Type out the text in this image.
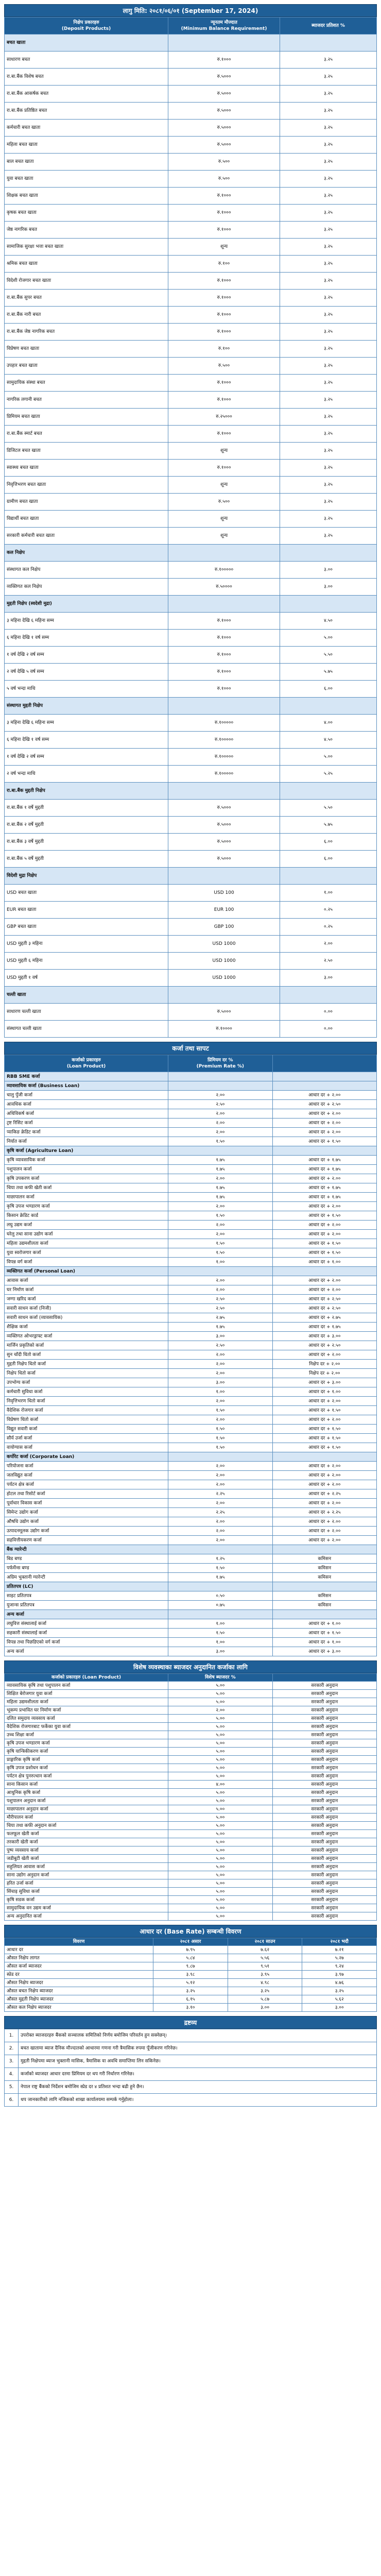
लागु मिति: २०८१/०६/०१ (September 17, 2024)
निक्षेप प्रकारहरु
(Deposit Products)	न्यूनतम मौज्दात
(Minimum Balance Requirement)	ब्याजदर प्रतिशत %
बचत खाता		
साधारण बचत	रु.१०००	३.२५
रा.बा.बैंक विशेष बचत	रु.५०००	३.२५
रा.बा.बैंक आकर्षक बचत	रु.५०००	३.२५
रा.बा.बैंक प्रतिष्ठित बचत	रु.५०००	३.२५
कर्मचारी बचत खाता	रु.५०००	३.२५
महिला बचत खाता	रु.५०००	३.२५
बाल बचत खाता	रु.५००	३.२५
युवा बचत खाता	रु.५००	३.२५
शिक्षक बचत खाता	रु.१०००	३.२५
कृषक बचत खाता	रु.१०००	३.२५
जेष्ठ नागरिक बचत	रु.१०००	३.२५
सामाजिक सुरक्षा भत्ता बचत खाता	शून्य	३.२५
श्रमिक बचत खाता	रु.१००	३.२५
विदेशी रोजगार बचत खाता	रु.१०००	३.२५
रा.बा.बैंक सुपर बचत	रु.१०००	३.२५
रा.बा.बैंक नारी बचत	रु.१०००	३.२५
रा.बा.बैंक जेष्ठ नागरिक बचत	रु.१०००	३.२५
विप्रेषण बचत खाता	रु.१००	३.२५
उपहार बचत खाता	रु.५००	३.२५
सामुदायिक संस्था बचत	रु.१०००	३.२५
नागरिक लगानी बचत	रु.१०००	३.२५
प्रिमियम बचत खाता	रु.२५०००	३.२५
रा.बा.बैंक स्मार्ट बचत	रु.१०००	३.२५
डिजिटल बचत खाता	शून्य	३.२५
स्वास्थ्य बचत खाता	रु.१०००	३.२५
निवृत्तिभरण बचत खाता	शून्य	३.२५
ग्रामीण बचत खाता	रु.५००	३.२५
विद्यार्थी बचत खाता	शून्य	३.२५
सरकारी कर्मचारी बचत खाता	शून्य	३.२५
कल निक्षेप		
संस्थागत कल निक्षेप	रु.१०००००	३.००
व्यक्तिगत कल निक्षेप	रु.५००००	३.००
मुद्दती निक्षेप (स्वदेशी मुद्रा)		
३ महिना देखि ६ महिना सम्म	रु.१०००	४.५०
६ महिना देखि १ वर्ष सम्म	रु.१०००	५.००
१ वर्ष देखि २ वर्ष सम्म	रु.१०००	५.५०
२ वर्ष देखि ५ वर्ष सम्म	रु.१०००	५.७५
५ वर्ष भन्दा माथि	रु.१०००	६.००
संस्थागत मुद्दती निक्षेप		
३ महिना देखि ६ महिना सम्म	रु.१०००००	४.००
६ महिना देखि १ वर्ष सम्म	रु.१०००००	४.५०
१ वर्ष देखि २ वर्ष सम्म	रु.१०००००	५.००
२ वर्ष भन्दा माथि	रु.१०००००	५.२५
रा.बा.बैंक मुद्दती निक्षेप		
रा.बा.बैंक १ वर्षे मुद्दती	रु.५०००	५.५०
रा.बा.बैंक २ वर्षे मुद्दती	रु.५०००	५.७५
रा.बा.बैंक ३ वर्षे मुद्दती	रु.५०००	६.००
रा.बा.बैंक ५ वर्षे मुद्दती	रु.५०००	६.००
विदेशी मुद्रा निक्षेप		
USD बचत खाता	USD 100	१.००
EUR बचत खाता	EUR 100	०.२५
GBP बचत खाता	GBP 100	०.२५
USD मुद्दती ३ महिना	USD 1000	२.००
USD मुद्दती ६ महिना	USD 1000	२.५०
USD मुद्दती १ वर्ष	USD 1000	३.००
चल्ती खाता		
साधारण चल्ती खाता	रु.५०००	०.००
संस्थागत चल्ती खाता	रु.१००००	०.००
कर्जा तथा सापट
कर्जाको प्रकारहरु
(Loan Product)	प्रिमियम दर %
(Premium Rate %)	
RBB SME कर्जा		
व्यावसायिक कर्जा (Business Loan)		
चालु पुँजी कर्जा	२.००	आधार दर + २.००
आवधिक कर्जा	२.५०	आधार दर + २.५०
अधिविकर्ष कर्जा	२.००	आधार दर + २.००
ट्रष्ट रिसिट कर्जा	२.००	आधार दर + २.००
प्याकिङ क्रेडिट कर्जा	२.००	आधार दर + २.००
निर्यात कर्जा	१.५०	आधार दर + १.५०
कृषि कर्जा (Agriculture Loan)		
कृषि व्यावसायिक कर्जा	१.७५	आधार दर + १.७५
पशुपालन कर्जा	१.७५	आधार दर + १.७५
कृषि उपकरण कर्जा	२.००	आधार दर + २.००
चिया तथा कफी खेती कर्जा	१.७५	आधार दर + १.७५
माछापालन कर्जा	१.७५	आधार दर + १.७५
कृषि उपज भण्डारण कर्जा	२.००	आधार दर + २.००
किसान क्रेडिट कार्ड	१.५०	आधार दर + १.५०
लघु उद्यम कर्जा	२.००	आधार दर + २.००
घरेलु तथा साना उद्योग कर्जा	२.००	आधार दर + २.००
महिला उद्यमशीलता कर्जा	१.५०	आधार दर + १.५०
युवा स्वरोजगार कर्जा	१.५०	आधार दर + १.५०
विपन्न वर्ग कर्जा	१.००	आधार दर + १.००
व्यक्तिगत कर्जा (Personal Loan)		
आवास कर्जा	२.००	आधार दर + २.००
घर निर्माण कर्जा	२.००	आधार दर + २.००
जग्गा खरिद कर्जा	२.५०	आधार दर + २.५०
सवारी साधन कर्जा (निजी)	२.५०	आधार दर + २.५०
सवारी साधन कर्जा (व्यावसायिक)	२.७५	आधार दर + २.७५
शैक्षिक कर्जा	१.७५	आधार दर + १.७५
व्यक्तिगत ओभरड्राफ्ट कर्जा	३.००	आधार दर + ३.००
मार्जिन प्रकृतिको कर्जा	२.५०	आधार दर + २.५०
सुन चाँदी धितो कर्जा	२.००	आधार दर + २.००
मुद्दती निक्षेप धितो कर्जा	२.००	निक्षेप दर + २.००
निक्षेप धितो कर्जा	२.००	निक्षेप दर + २.००
उपभोग्य कर्जा	३.००	आधार दर + ३.००
कर्मचारी सुविधा कर्जा	१.००	आधार दर + १.००
निवृत्तिभरण धितो कर्जा	२.००	आधार दर + २.००
वैदेशिक रोजगार कर्जा	१.५०	आधार दर + १.५०
विप्रेषण धितो कर्जा	२.००	आधार दर + २.००
विद्युत सवारी कर्जा	१.५०	आधार दर + १.५०
सौर्य उर्जा कर्जा	१.५०	आधार दर + १.५०
वायोग्यास कर्जा	१.५०	आधार दर + १.५०
कर्पोरेट कर्जा (Corporate Loan)		
परियोजना कर्जा	२.००	आधार दर + २.००
जलविद्युत कर्जा	२.००	आधार दर + २.००
पर्यटन क्षेत्र कर्जा	२.००	आधार दर + २.००
होटल तथा रिसोर्ट कर्जा	२.२५	आधार दर + २.२५
पूर्वाधार विकास कर्जा	२.००	आधार दर + २.००
सिमेन्ट उद्योग कर्जा	२.२५	आधार दर + २.२५
औषधि उद्योग कर्जा	२.००	आधार दर + २.००
उत्पादनमूलक उद्योग कर्जा	२.००	आधार दर + २.००
सहवित्तीयकरण कर्जा	२.००	आधार दर + २.००
बैंक ग्यारेन्टी		
बिड बण्ड	१.२५	कमिसन
पर्फर्मेन्स बण्ड	१.५०	कमिसन
अग्रिम भुक्तानी ग्यारेन्टी	१.७५	कमिसन
प्रतितपत्र (LC)		
साइट प्रतितपत्र	०.५०	कमिसन
युजान्स प्रतितपत्र	०.७५	कमिसन
अन्य कर्जा		
लघुवित्त संस्थालाई कर्जा	१.००	आधार दर + १.००
सहकारी संस्थालाई कर्जा	१.५०	आधार दर + १.५०
विपन्न तथा पिछडिएको वर्ग कर्जा	१.००	आधार दर + १.००
अन्य कर्जा	३.००	आधार दर + ३.००
विशेष व्यवस्थाका ब्याजदर अनुदानित कर्जाका लागि
कर्जाको प्रकारहरु (Loan Product)	विशेष ब्याजदर %	
व्यावसायिक कृषि तथा पशुपालन कर्जा	५.००	सरकारी अनुदान
शिक्षित बेरोजगार युवा कर्जा	५.००	सरकारी अनुदान
महिला उद्यमशीलता कर्जा	५.००	सरकारी अनुदान
भूकम्प प्रभावित घर निर्माण कर्जा	२.००	सरकारी अनुदान
दलित समुदाय व्यवसाय कर्जा	५.००	सरकारी अनुदान
वैदेशिक रोजगारबाट फर्केका युवा कर्जा	५.००	सरकारी अनुदान
उच्च शिक्षा कर्जा	५.००	सरकारी अनुदान
कृषि उपज भण्डारण कर्जा	५.००	सरकारी अनुदान
कृषि यान्त्रिकीकरण कर्जा	५.००	सरकारी अनुदान
प्राङ्गारिक कृषि कर्जा	५.००	सरकारी अनुदान
कृषि उपज प्रशोधन कर्जा	५.००	सरकारी अनुदान
पर्यटन क्षेत्र पुनरुत्थान कर्जा	५.००	सरकारी अनुदान
साना किसान कर्जा	४.००	सरकारी अनुदान
आधुनिक कृषि कर्जा	५.००	सरकारी अनुदान
पशुपालन अनुदान कर्जा	५.००	सरकारी अनुदान
माछापालन अनुदान कर्जा	५.००	सरकारी अनुदान
मौरीपालन कर्जा	५.००	सरकारी अनुदान
चिया तथा कफी अनुदान कर्जा	५.००	सरकारी अनुदान
फलफूल खेती कर्जा	५.००	सरकारी अनुदान
तरकारी खेती कर्जा	५.००	सरकारी अनुदान
पुष्प व्यवसाय कर्जा	५.००	सरकारी अनुदान
जडीबुटी खेती कर्जा	५.००	सरकारी अनुदान
सहुलियत आवास कर्जा	५.००	सरकारी अनुदान
साना उद्योग अनुदान कर्जा	५.००	सरकारी अनुदान
हरित उर्जा कर्जा	५.००	सरकारी अनुदान
सिंचाइ सुविधा कर्जा	५.००	सरकारी अनुदान
कृषि सडक कर्जा	५.००	सरकारी अनुदान
सामुदायिक वन उद्यम कर्जा	५.००	सरकारी अनुदान
अन्य अनुदानित कर्जा	५.००	सरकारी अनुदान
आधार दर (Base Rate) सम्बन्धी विवरण
विवरण	२०८१ असार	२०८१ साउन	२०८१ भदौ
आधार दर	७.९५	७.६२	७.२१
औसत निक्षेप लागत	५.८४	५.५६	५.२७
औसत कर्जा ब्याजदर	९.८७	९.५१	९.२४
स्प्रेड दर	३.९८	३.९५	३.९७
औसत निक्षेप ब्याजदर	५.१२	४.९८	४.७६
औसत बचत निक्षेप ब्याजदर	३.२५	३.२५	३.२५
औसत मुद्दती निक्षेप ब्याजदर	६.१५	५.८७	५.६२
औसत कल निक्षेप ब्याजदर	३.१०	३.००	३.००
द्रष्टव्य
1.	उपरोक्त ब्याजदरहरु बैंकको सञ्चालक समितिको निर्णय बमोजिम परिवर्तन हुन सक्नेछन्।
2.	बचत खातामा ब्याज दैनिक मौज्दातको आधारमा गणना गरी त्रैमासिक रुपमा पूँजीकरण गरिनेछ।
3.	मुद्दती निक्षेपमा ब्याज भुक्तानी मासिक, त्रैमासिक वा अवधि समाप्तिमा लिन सकिनेछ।
4.	कर्जाको ब्याजदर आधार दरमा प्रिमियम दर थप गरी निर्धारण गरिनेछ।
5.	नेपाल राष्ट्र बैंकको निर्देशन बमोजिम स्प्रेड दर ४ प्रतिशत भन्दा बढी हुने छैन।
6.	थप जानकारीको लागि नजिकको शाखा कार्यालयमा सम्पर्क गर्नुहोला।
